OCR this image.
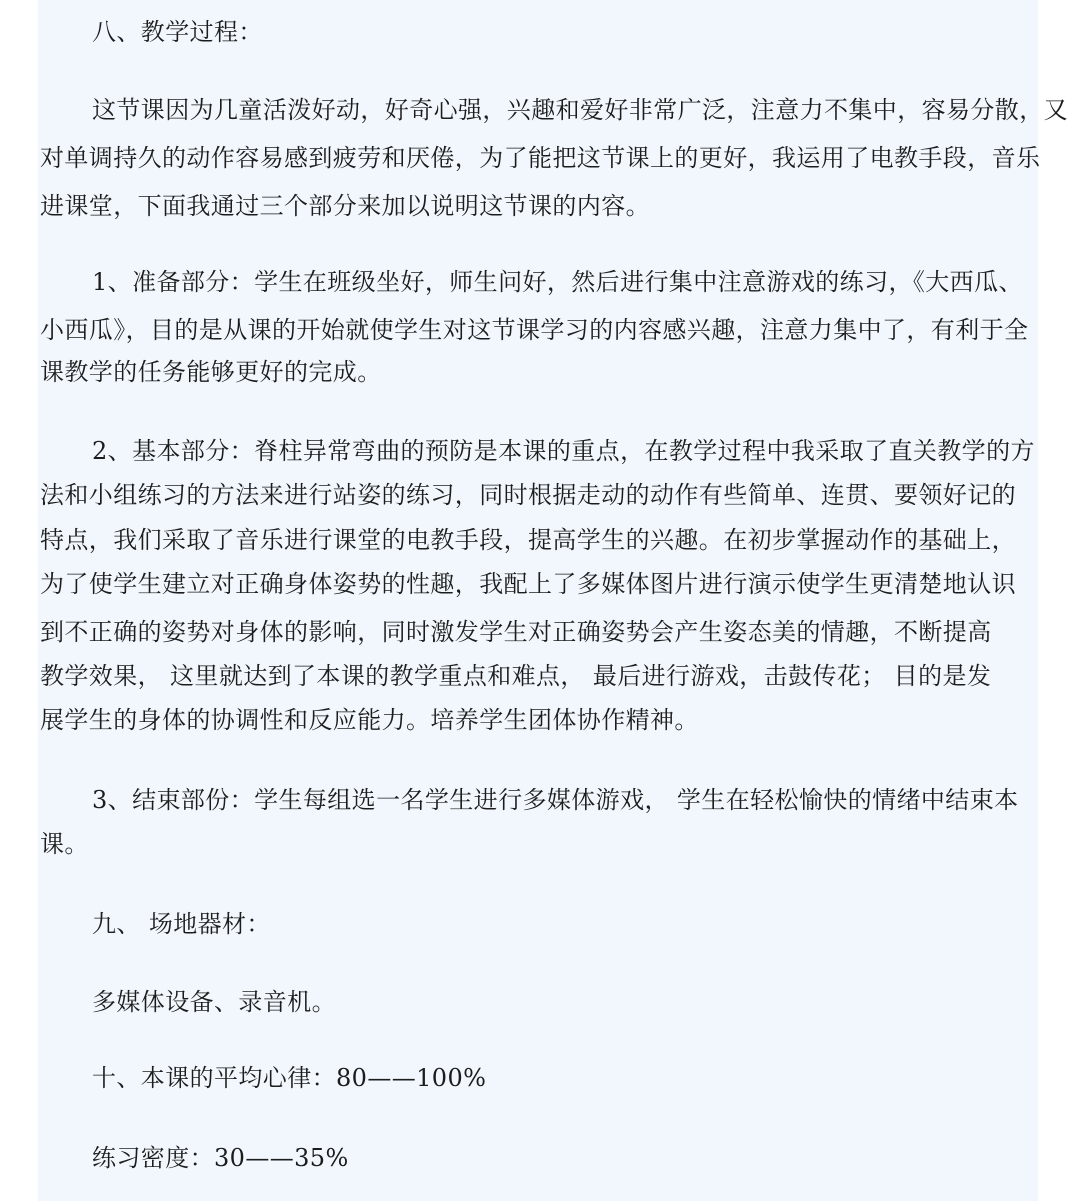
八、教学过程：
这节课因为几童活泼好动，好奇心强，兴趣和爱好非常广泛，注意力不集中，容易分散，又
对单调持久的动作容易感到疲劳和厌倦，为了能把这节课上的更好，我运用了电教手段，音乐
进课堂，下面我通过三个部分来加以说明这节课的内容。
1、准备部分：学生在班级坐好，师生问好，然后进行集中注意游戏的练习，《大西瓜、
小西瓜》，目的是从课的开始就使学生对这节课学习的内容感兴趣，注意力集中了，有利于全
课教学的任务能够更好的完成。
2、基本部分：脊柱异常弯曲的预防是本课的重点，在教学过程中我采取了直关教学的方
法和小组练习的方法来进行站姿的练习，同时根据走动的动作有些简单、连贯、要领好记的
特点，我们采取了音乐进行课堂的电教手段，提高学生的兴趣。在初步掌握动作的基础上，
为了使学生建立对正确身体姿势的性趣，我配上了多媒体图片进行演示使学生更清楚地认识
到不正确的姿势对身体的影响，同时激发学生对正确姿势会产生姿态美的情趣，不断提高
教学效果， 这里就达到了本课的教学重点和难点， 最后进行游戏，击鼓传花； 目的是发
展学生的身体的协调性和反应能力。培养学生团体协作精神。
3、结束部份：学生每组选一名学生进行多媒体游戏， 学生在轻松愉快的情绪中结束本
课。
九、 场地器材：
多媒体设备、录音机。
十、本课的平均心律：80——100%
练习密度：30——35%
